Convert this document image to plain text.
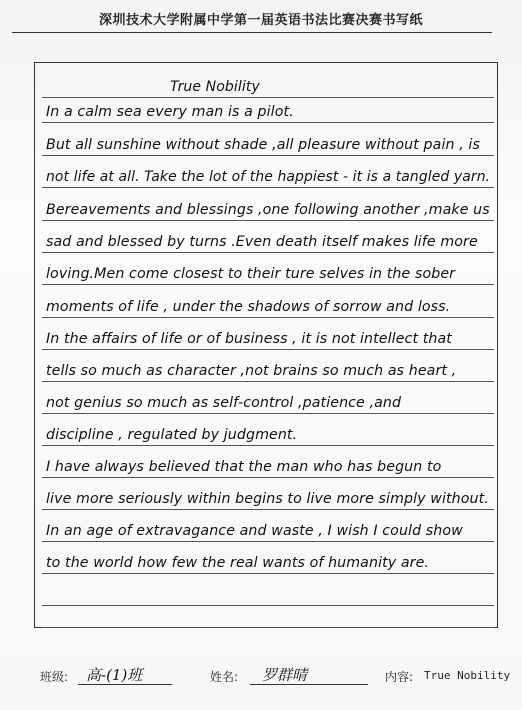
深圳技术大学附属中学第一届英语书法比赛决赛书写纸
True Nobility
In a calm sea every man is a pilot.
But all sunshine without shade ,all pleasure without pain , is
not life at all. Take the lot of the happiest - it is a tangled yarn.
Bereavements and blessings ,one following another ,make us
sad and blessed by turns .Even death itself makes life more
loving.Men come closest to their ture selves in the sober
moments of life , under the shadows of sorrow and loss.
In the affairs of life or of business , it is not intellect that
tells so much as character ,not brains so much as heart ,
not genius so much as self-control ,patience ,and
discipline , regulated by judgment.
I have always believed that the man who has begun to
live more seriously within begins to live more simply without.
In an age of extravagance and waste , I wish I could show
to the world how few the real wants of humanity are.
班级: 高-(1)班	姓名: 罗群晴	内容: True Nobility
